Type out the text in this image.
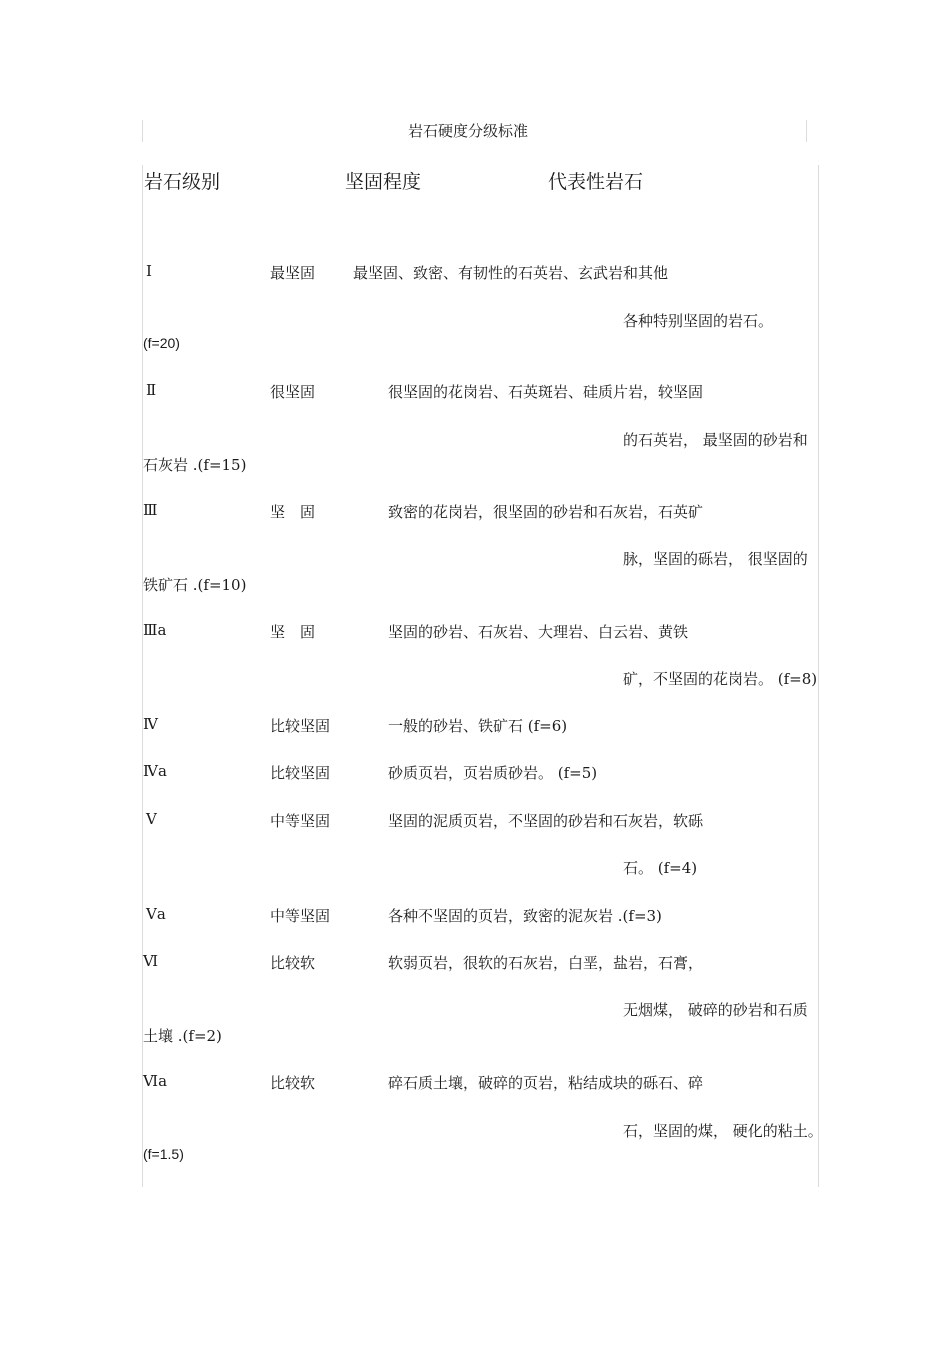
岩石硬度分级标准
岩石级别	坚固程度	代表性岩石
Ⅰ	最坚固	最坚固、致密、有韧性的石英岩、玄武岩和其他
各种特别坚固的岩石。
(f=20)
Ⅱ	很坚固	很坚固的花岗岩、石英斑岩、硅质片岩，较坚固
的石英岩， 最坚固的砂岩和
石灰岩 .(f=15)
Ⅲ	坚　固	致密的花岗岩，很坚固的砂岩和石灰岩，石英矿
脉，坚固的砾岩， 很坚固的
铁矿石 .(f=10)
Ⅲa	坚　固	坚固的砂岩、石灰岩、大理岩、白云岩、黄铁
矿，不坚固的花岗岩。 (f=8)
Ⅳ	比较坚固	一般的砂岩、铁矿石 (f=6)
Ⅳa	比较坚固	砂质页岩，页岩质砂岩。 (f=5)
Ⅴ	中等坚固	坚固的泥质页岩，不坚固的砂岩和石灰岩，软砾
石。 (f=4)
Ⅴa	中等坚固	各种不坚固的页岩，致密的泥灰岩 .(f=3)
Ⅵ	比较软	软弱页岩，很软的石灰岩，白垩，盐岩，石膏，
无烟煤， 破碎的砂岩和石质
土壤 .(f=2)
Ⅵa	比较软	碎石质土壤，破碎的页岩，粘结成块的砾石、碎
石，坚固的煤， 硬化的粘土。
(f=1.5)
